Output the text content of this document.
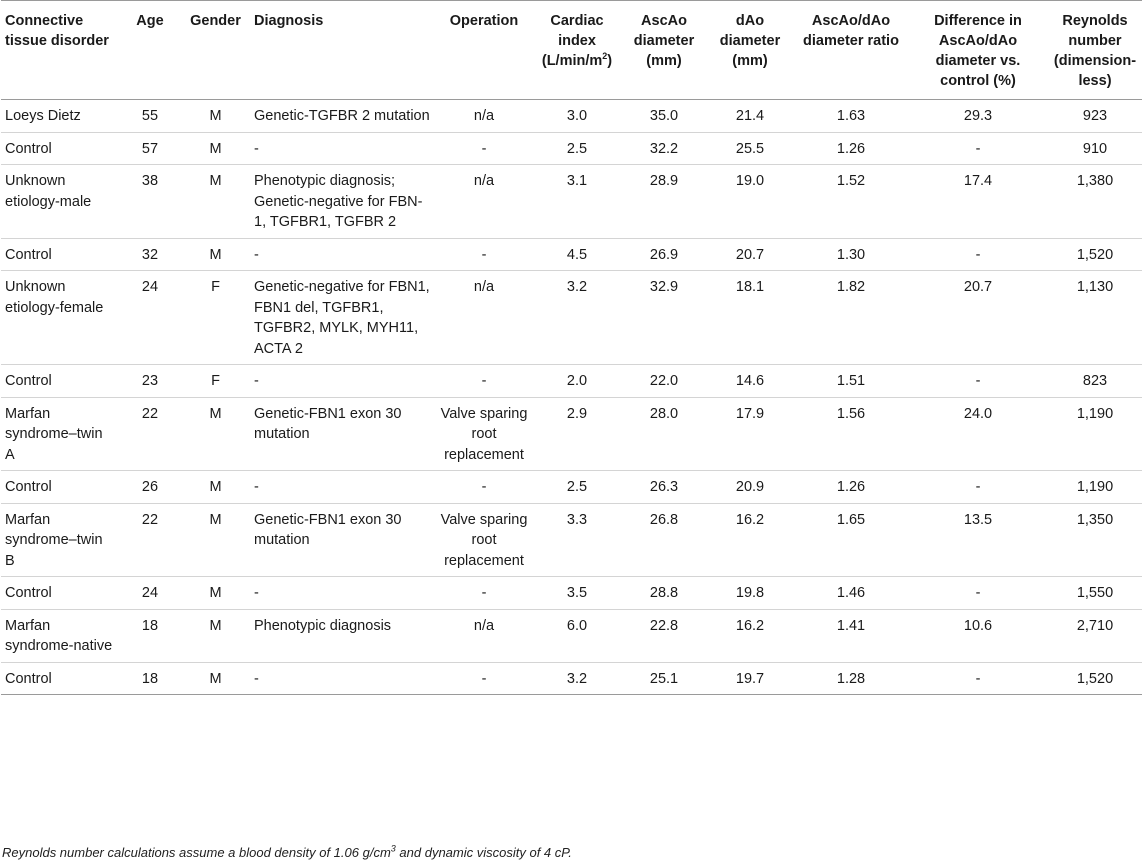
Connective tissue disorder	Age	Gender	Diagnosis	Operation	Cardiac index $(L/\min/m^2)$	AscAo diameter (mm)	dAo diameter (mm)	AscAo/dAo diameter ratio	Difference in AscAo/dAo diameter vs. control (%)	Reynolds number (dimension-less)
Loeys Dietz	55	M	Genetic-TGFBR 2 mutation	n/a	3.0	35.0	21.4	1.63	29.3	923
Control	57	M	-	-	2.5	32.2	25.5	1.26	-	910
Unknown etiology-male	38	M	Phenotypic diagnosis; Genetic-negative for FBN-1, TGFBR1, TGFBR 2	n/a	3.1	28.9	19.0	1.52	17.4	1,380
Control	32	M	-	-	4.5	26.9	20.7	1.30	-	1,520
Unknown etiology-female	24	F	Genetic-negative for FBN1, FBN1 del, TGFBR1, TGFBR2, MYLK, MYH11, ACTA 2	n/a	3.2	32.9	18.1	1.82	20.7	1,130
Control	23	F	-	-	2.0	22.0	14.6	1.51	-	823
Marfan syndrome–twin A	22	M	Genetic-FBN1 exon 30 mutation	Valve sparing root replacement	2.9	28.0	17.9	1.56	24.0	1,190
Control	26	M	-	-	2.5	26.3	20.9	1.26	-	1,190
Marfan syndrome–twin B	22	M	Genetic-FBN1 exon 30 mutation	Valve sparing root replacement	3.3	26.8	16.2	1.65	13.5	1,350
Control	24	M	-	-	3.5	28.8	19.8	1.46	-	1,550
Marfan syndrome-native	18	M	Phenotypic diagnosis	n/a	6.0	22.8	16.2	1.41	10.6	2,710
Control	18	M	-	-	3.2	25.1	19.7	1.28	-	1,520
Reynolds number calculations assume a blood density of 1.06 $g/cm^3$ and dynamic viscosity of 4 cP.
